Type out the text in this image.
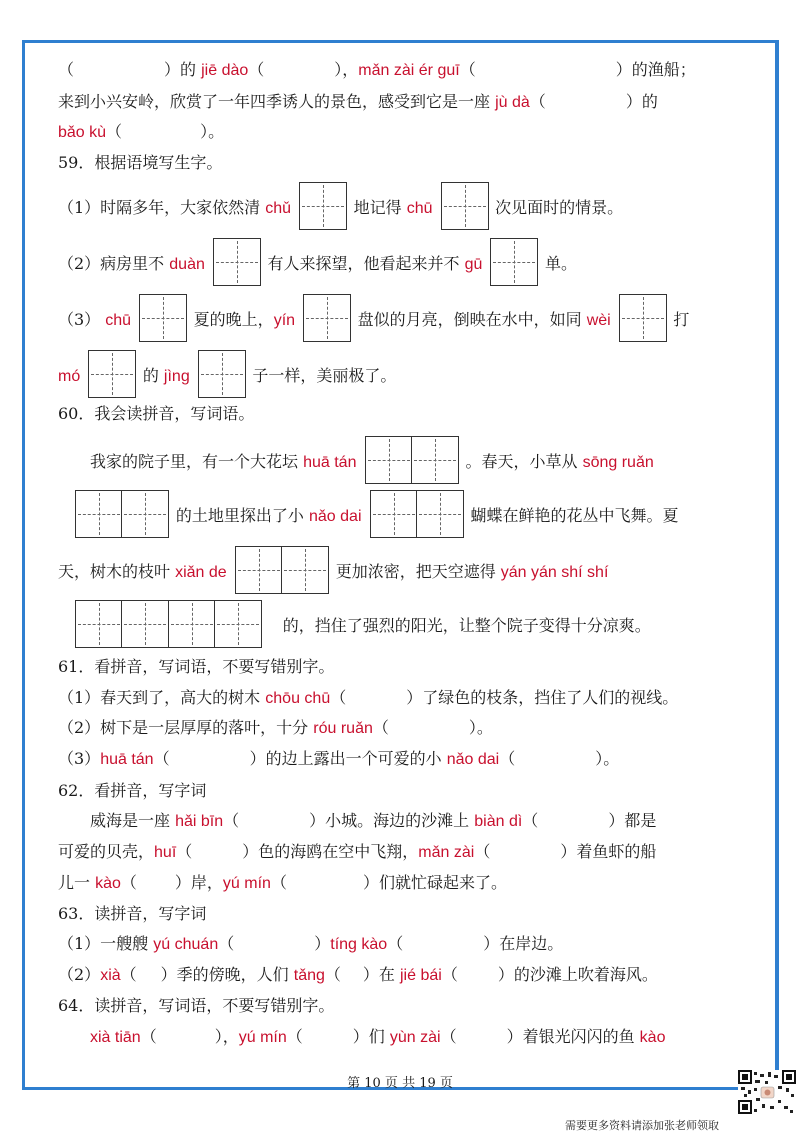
（	）的 jiē dào（	），mǎn zài ér guī（	）的渔船；
来到小兴安岭，欣赏了一年四季诱人的景色，感受到它是一座 jù dà（	）的
bǎo kù（	）。
59．根据语境写生字。
（1）时隔多年，大家依然清 chǔ	地记得 chū	次见面时的情景。
（2）病房里不 duàn	有人来探望，他看起来并不 gū	单。
（3） chū	夏的晚上，yín	盘似的月亮，倒映在水中，如同 wèi	打
mó	的 jìng	子一样，美丽极了。
60．我会读拼音，写词语。
我家的院子里，有一个大花坛 huā tán	。春天，小草从 sōng ruǎn
的土地里探出了小 nǎo dai	蝴蝶在鲜艳的花丛中飞舞。夏
天，树木的枝叶 xiǎn de	更加浓密，把天空遮得 yán yán shí shí
的，挡住了强烈的阳光，让整个院子变得十分凉爽。
61．看拼音，写词语，不要写错别字。
（1）春天到了，高大的树木 chōu chū（	）了绿色的枝条，挡住了人们的视线。
（2）树下是一层厚厚的落叶，十分 róu ruǎn（	）。
（3）huā tán（	）的边上露出一个可爱的小 nǎo dai（	）。
62．看拼音，写字词
威海是一座 hǎi bīn（	）小城。海边的沙滩上 biàn dì（	）都是
可爱的贝壳，huī（	）色的海鸥在空中飞翔，mǎn zài（	）着鱼虾的船
儿一 kào（ ）岸，yú mín（	）们就忙碌起来了。
63．读拼音，写字词
（1）一艘艘 yú chuán（	）tíng kào（	）在岸边。
（2）xià（ ）季的傍晚，人们 tǎng（ ）在 jié bái（	）的沙滩上吹着海风。
64．读拼音，写词语，不要写错别字。
xià tiān（	），yú mín（	）们 yùn zài（	）着银光闪闪的鱼 kào
第 10 页 共 19 页
需要更多资料请添加张老师领取
